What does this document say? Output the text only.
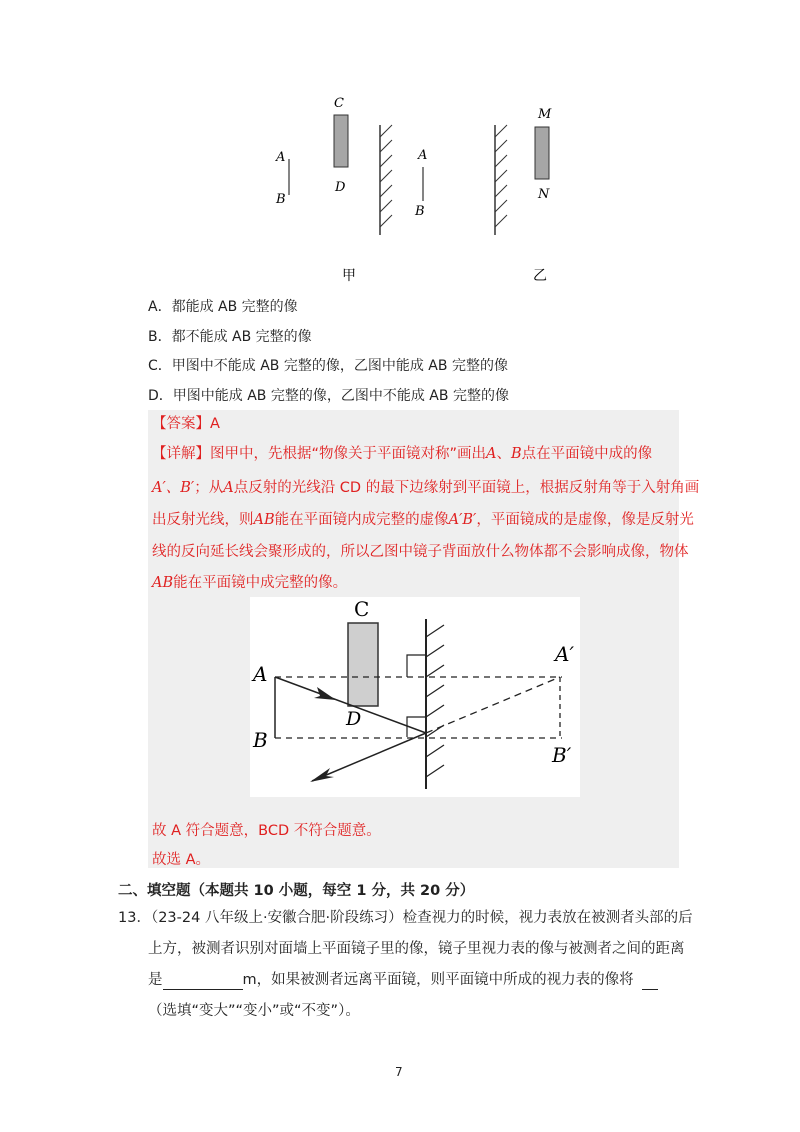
C
D
A
B
A
B
M
N
甲	乙
A．都能成 AB 完整的像
B．都不能成 AB 完整的像
C．甲图中不能成 AB 完整的像，乙图中能成 AB 完整的像
D．甲图中能成 AB 完整的像，乙图中不能成 AB 完整的像
【答案】A
【详解】图甲中，先根据“物像关于平面镜对称”画出A、B点在平面镜中成的像
A′、B′；从A点反射的光线沿 CD 的最下边缘射到平面镜上，根据反射角等于入射角画
出反射光线，则AB能在平面镜内成完整的虚像A′B′，平面镜成的是虚像，像是反射光
线的反向延长线会聚形成的，所以乙图中镜子背面放什么物体都不会影响成像，物体
AB能在平面镜中成完整的像。
C
D
A
B
A′
B′
故 A 符合题意，BCD 不符合题意。
故选 A。
二、填空题（本题共 10 小题，每空 1 分，共 20 分）
13．（23-24 八年级上·安徽合肥·阶段练习）检查视力的时候，视力表放在被测者头部的后
上方，被测者识别对面墙上平面镜子里的像，镜子里视力表的像与被测者之间的距离
是	m，如果被测者远离平面镜，则平面镜中所成的视力表的像将
（选填“变大”“变小”或“不变”）。
7
